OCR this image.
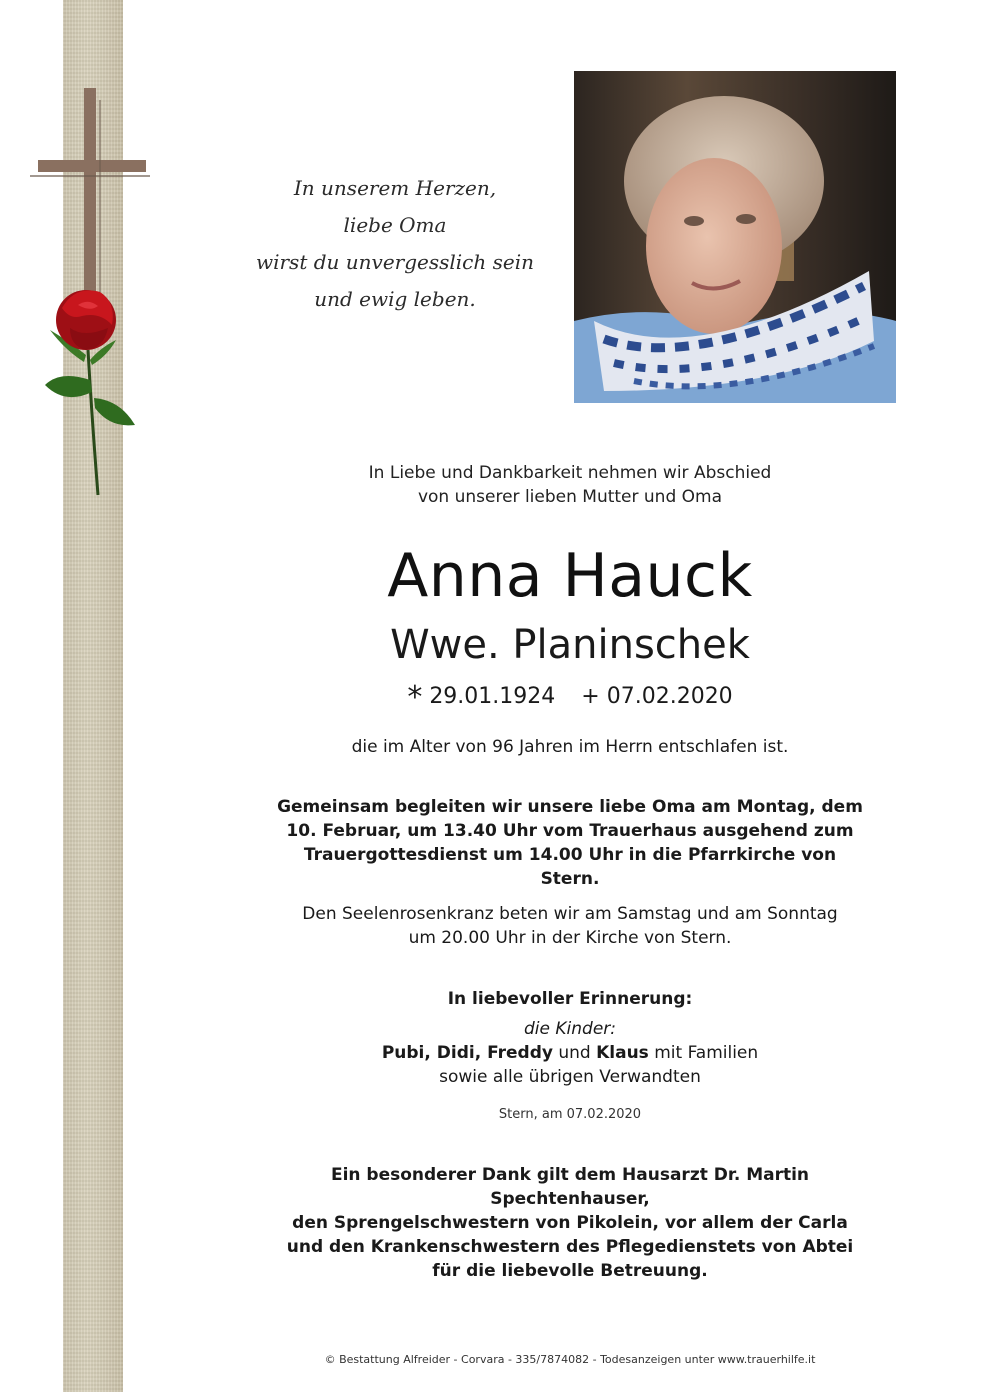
In unserem Herzen,
liebe Oma
wirst du unvergesslich sein
und ewig leben.

In Liebe und Dankbarkeit nehmen wir Abschied
von unserer lieben Mutter und Oma

Anna Hauck

Wwe. Planinschek

* 29.01.1924 + 07.02.2020

die im Alter von 96 Jahren im Herrn entschlafen ist.

Gemeinsam begleiten wir unsere liebe Oma am Montag, dem 10. Februar, um 13.40 Uhr vom Trauerhaus ausgehend zum Trauergottesdienst um 14.00 Uhr in die Pfarrkirche von Stern.

Den Seelenrosenkranz beten wir am Samstag und am Sonntag
um 20.00 Uhr in der Kirche von Stern.

In liebevoller Erinnerung:

die Kinder:

Pubi, Didi, Freddy und Klaus mit Familien

sowie alle übrigen Verwandten

Stern, am 07.02.2020

Ein besonderer Dank gilt dem Hausarzt Dr. Martin Spechtenhauser,
den Sprengelschwestern von Pikolein, vor allem der Carla
und den Krankenschwestern des Pflegedienstets von Abtei
für die liebevolle Betreuung.

© Bestattung Alfreider - Corvara - 335/7874082 - Todesanzeigen unter www.trauerhilfe.it
